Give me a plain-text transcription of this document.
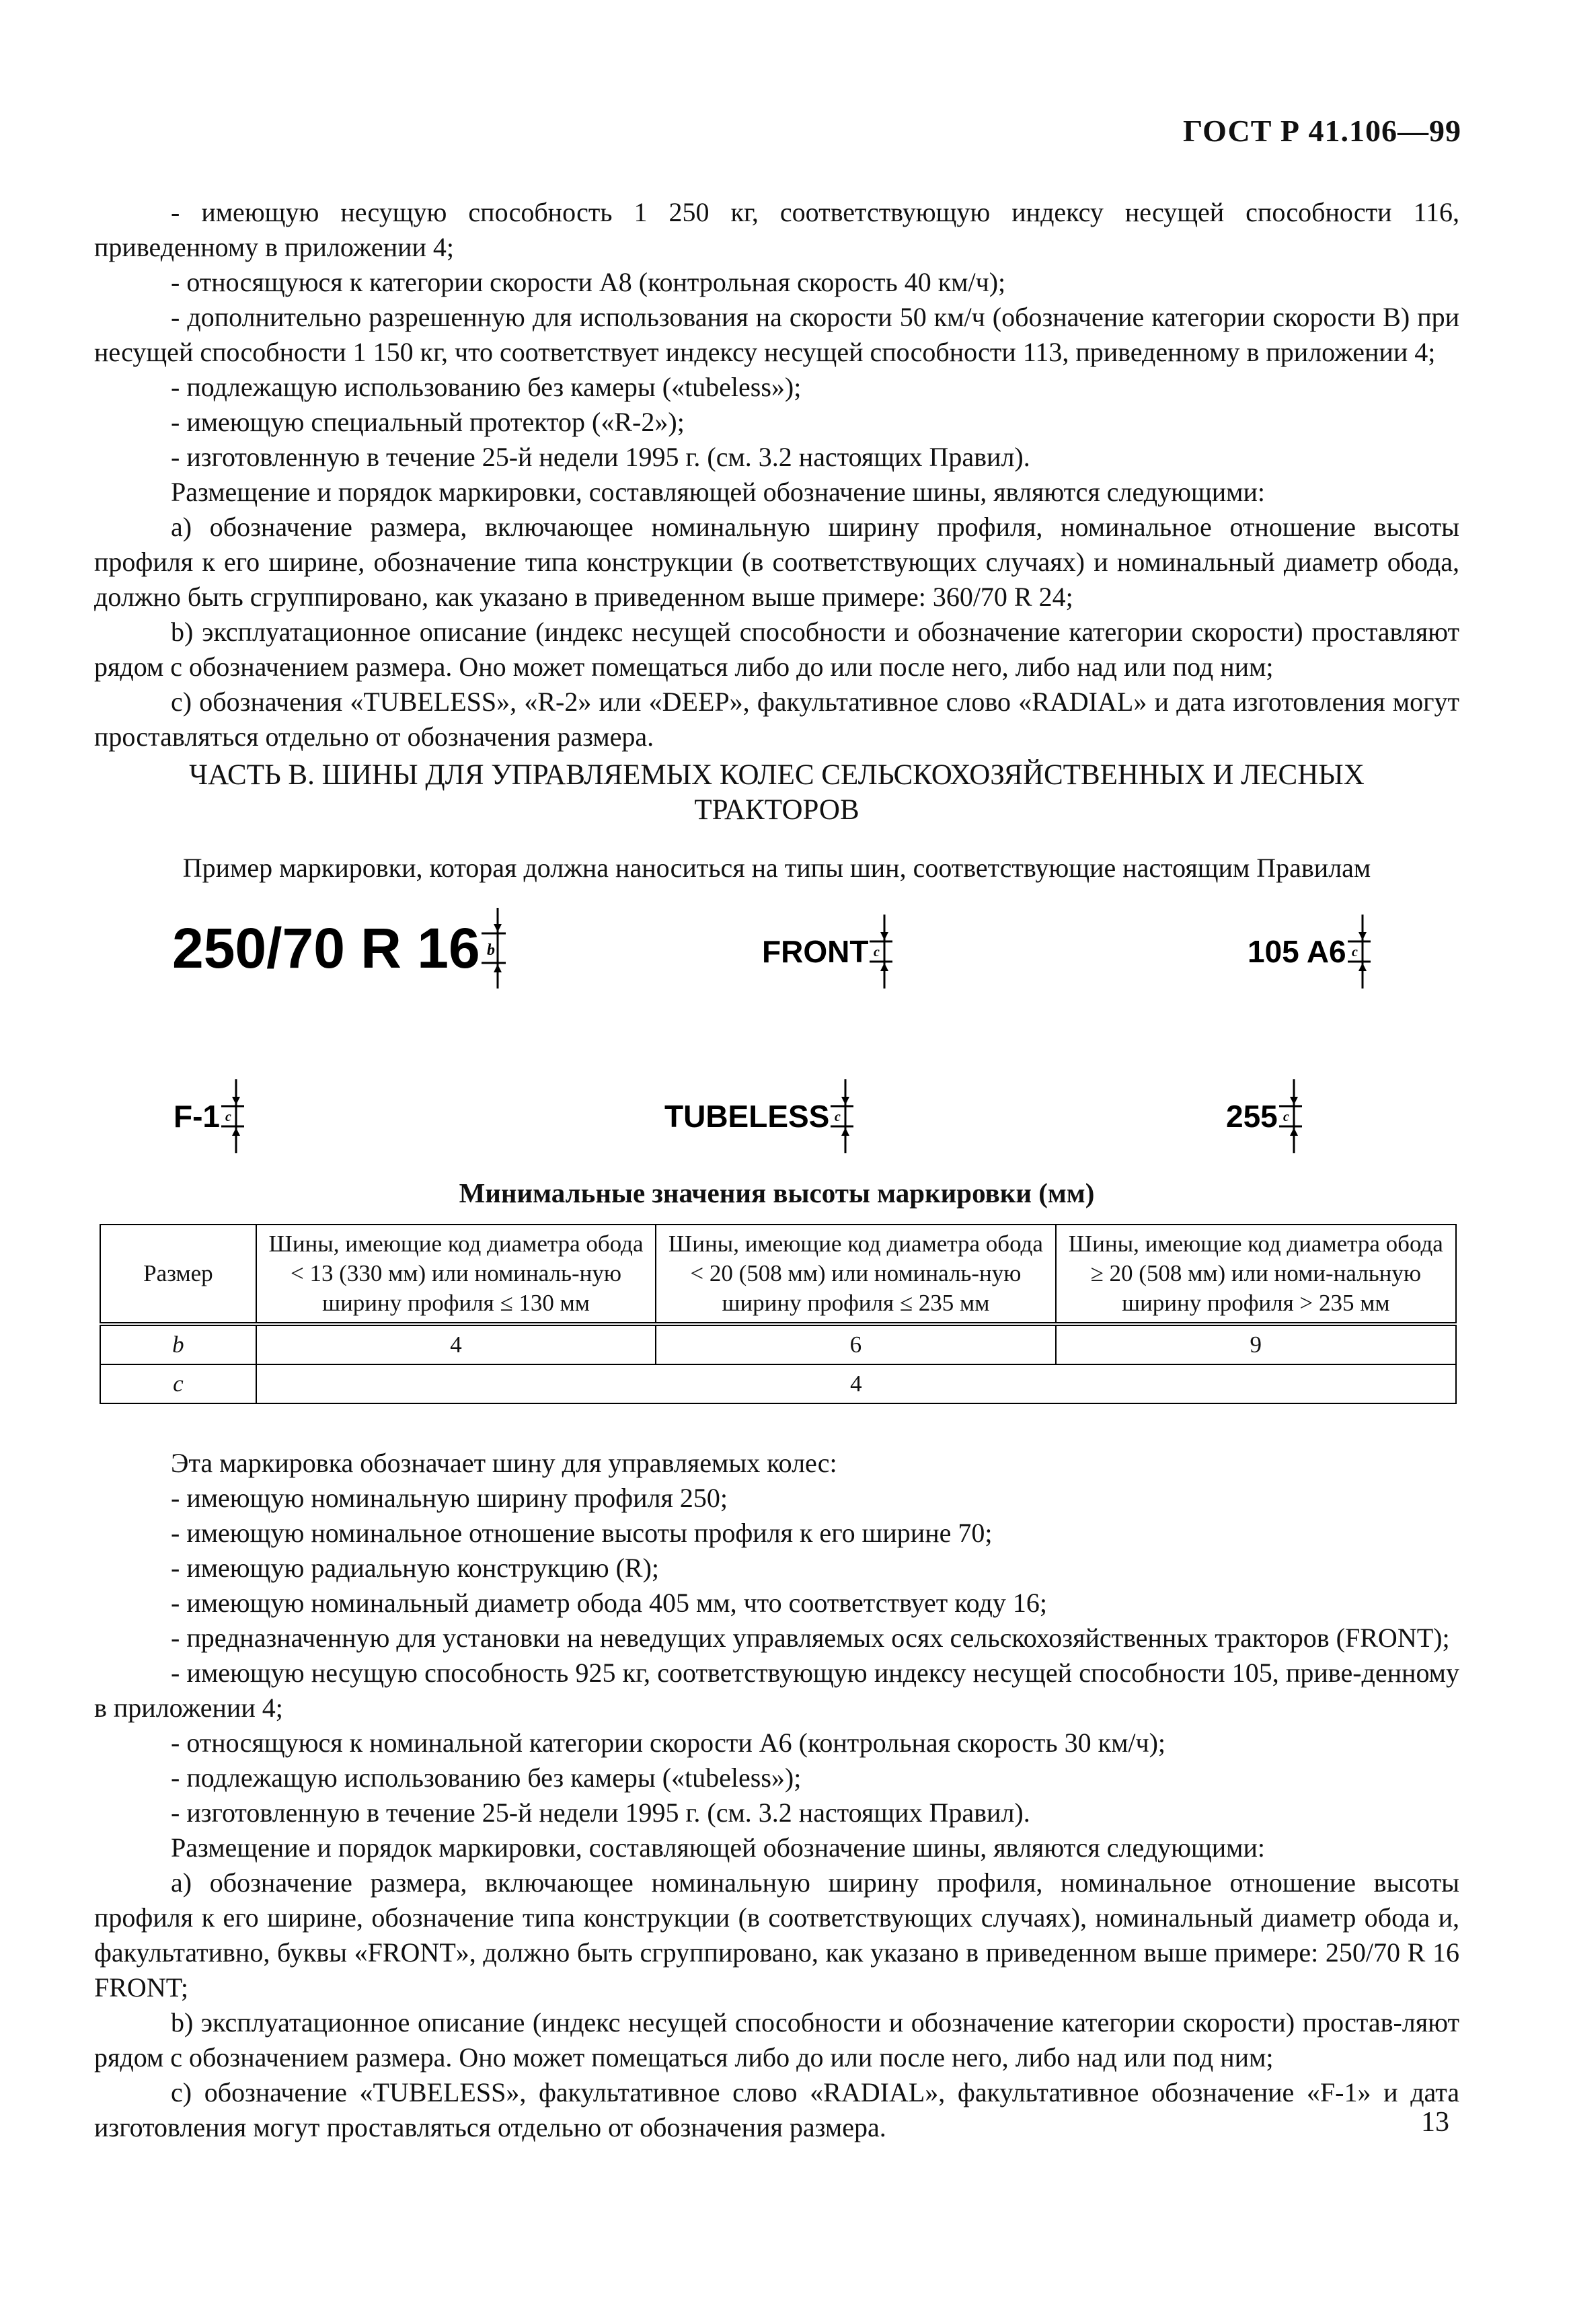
ГОСТ Р 41.106—99

- имеющую несущую способность 1 250 кг, соответствующую индексу несущей способности 116, приведенному в приложении 4;

- относящуюся к категории скорости А8 (контрольная скорость 40 км/ч);

- дополнительно разрешенную для использования на скорости 50 км/ч (обозначение категории скорости В) при несущей способности 1 150 кг, что соответствует индексу несущей способности 113, приведенному в приложении 4;

- подлежащую использованию без камеры («tubeless»);

- имеющую специальный протектор («R-2»);

- изготовленную в течение 25-й недели 1995 г. (см. 3.2 настоящих Правил).

Размещение и порядок маркировки, составляющей обозначение шины, являются следующими:

а) обозначение размера, включающее номинальную ширину профиля, номинальное отношение высоты профиля к его ширине, обозначение типа конструкции (в соответствующих случаях) и номинальный диаметр обода, должно быть сгруппировано, как указано в приведенном выше примере: 360/70 R 24;

b) эксплуатационное описание (индекс несущей способности и обозначение категории скорости) проставляют рядом с обозначением размера. Оно может помещаться либо до или после него, либо над или под ним;

с) обозначения «TUBELESS», «R-2» или «DEEP», факультативное слово «RADIAL» и дата изготовления могут проставляться отдельно от обозначения размера.

ЧАСТЬ В. ШИНЫ ДЛЯ УПРАВЛЯЕМЫХ КОЛЕС СЕЛЬСКОХОЗЯЙСТВЕННЫХ И ЛЕСНЫХ
ТРАКТОРОВ
Пример маркировки, которая должна наноситься на типы шин, соответствующие настоящим Правилам
250/70 R 16 b	FRONT c	105 A6 c
F-1 c	TUBELESS c	255 c
Минимальные значения высоты маркировки (мм)
Размер	Шины, имеющие код диаметра обода < 13 (330 мм) или номиналь-ную ширину профиля ≤ 130 мм	Шины, имеющие код диаметра обода < 20 (508 мм) или номиналь-ную ширину профиля ≤ 235 мм	Шины, имеющие код диаметра обода ≥ 20 (508 мм) или номи-нальную ширину профиля > 235 мм
b	4	6	9
c	4		

Эта маркировка обозначает шину для управляемых колес:

- имеющую номинальную ширину профиля 250;

- имеющую номинальное отношение высоты профиля к его ширине 70;

- имеющую радиальную конструкцию (R);

- имеющую номинальный диаметр обода 405 мм, что соответствует коду 16;

- предназначенную для установки на неведущих управляемых осях сельскохозяйственных тракторов (FRONT);

- имеющую несущую способность 925 кг, соответствующую индексу несущей способности 105, приве-денному в приложении 4;

- относящуюся к номинальной категории скорости А6 (контрольная скорость 30 км/ч);

- подлежащую использованию без камеры («tubeless»);

- изготовленную в течение 25-й недели 1995 г. (см. 3.2 настоящих Правил).

Размещение и порядок маркировки, составляющей обозначение шины, являются следующими:

а) обозначение размера, включающее номинальную ширину профиля, номинальное отношение высоты профиля к его ширине, обозначение типа конструкции (в соответствующих случаях), номинальный диаметр обода и, факультативно, буквы «FRONT», должно быть сгруппировано, как указано в приведенном выше примере: 250/70 R 16 FRONT;

b) эксплуатационное описание (индекс несущей способности и обозначение категории скорости) простав-ляют рядом с обозначением размера. Оно может помещаться либо до или после него, либо над или под ним;

с) обозначение «TUBELESS», факультативное слово «RADIAL», факультативное обозначение «F-1» и дата изготовления могут проставляться отдельно от обозначения размера.	13
